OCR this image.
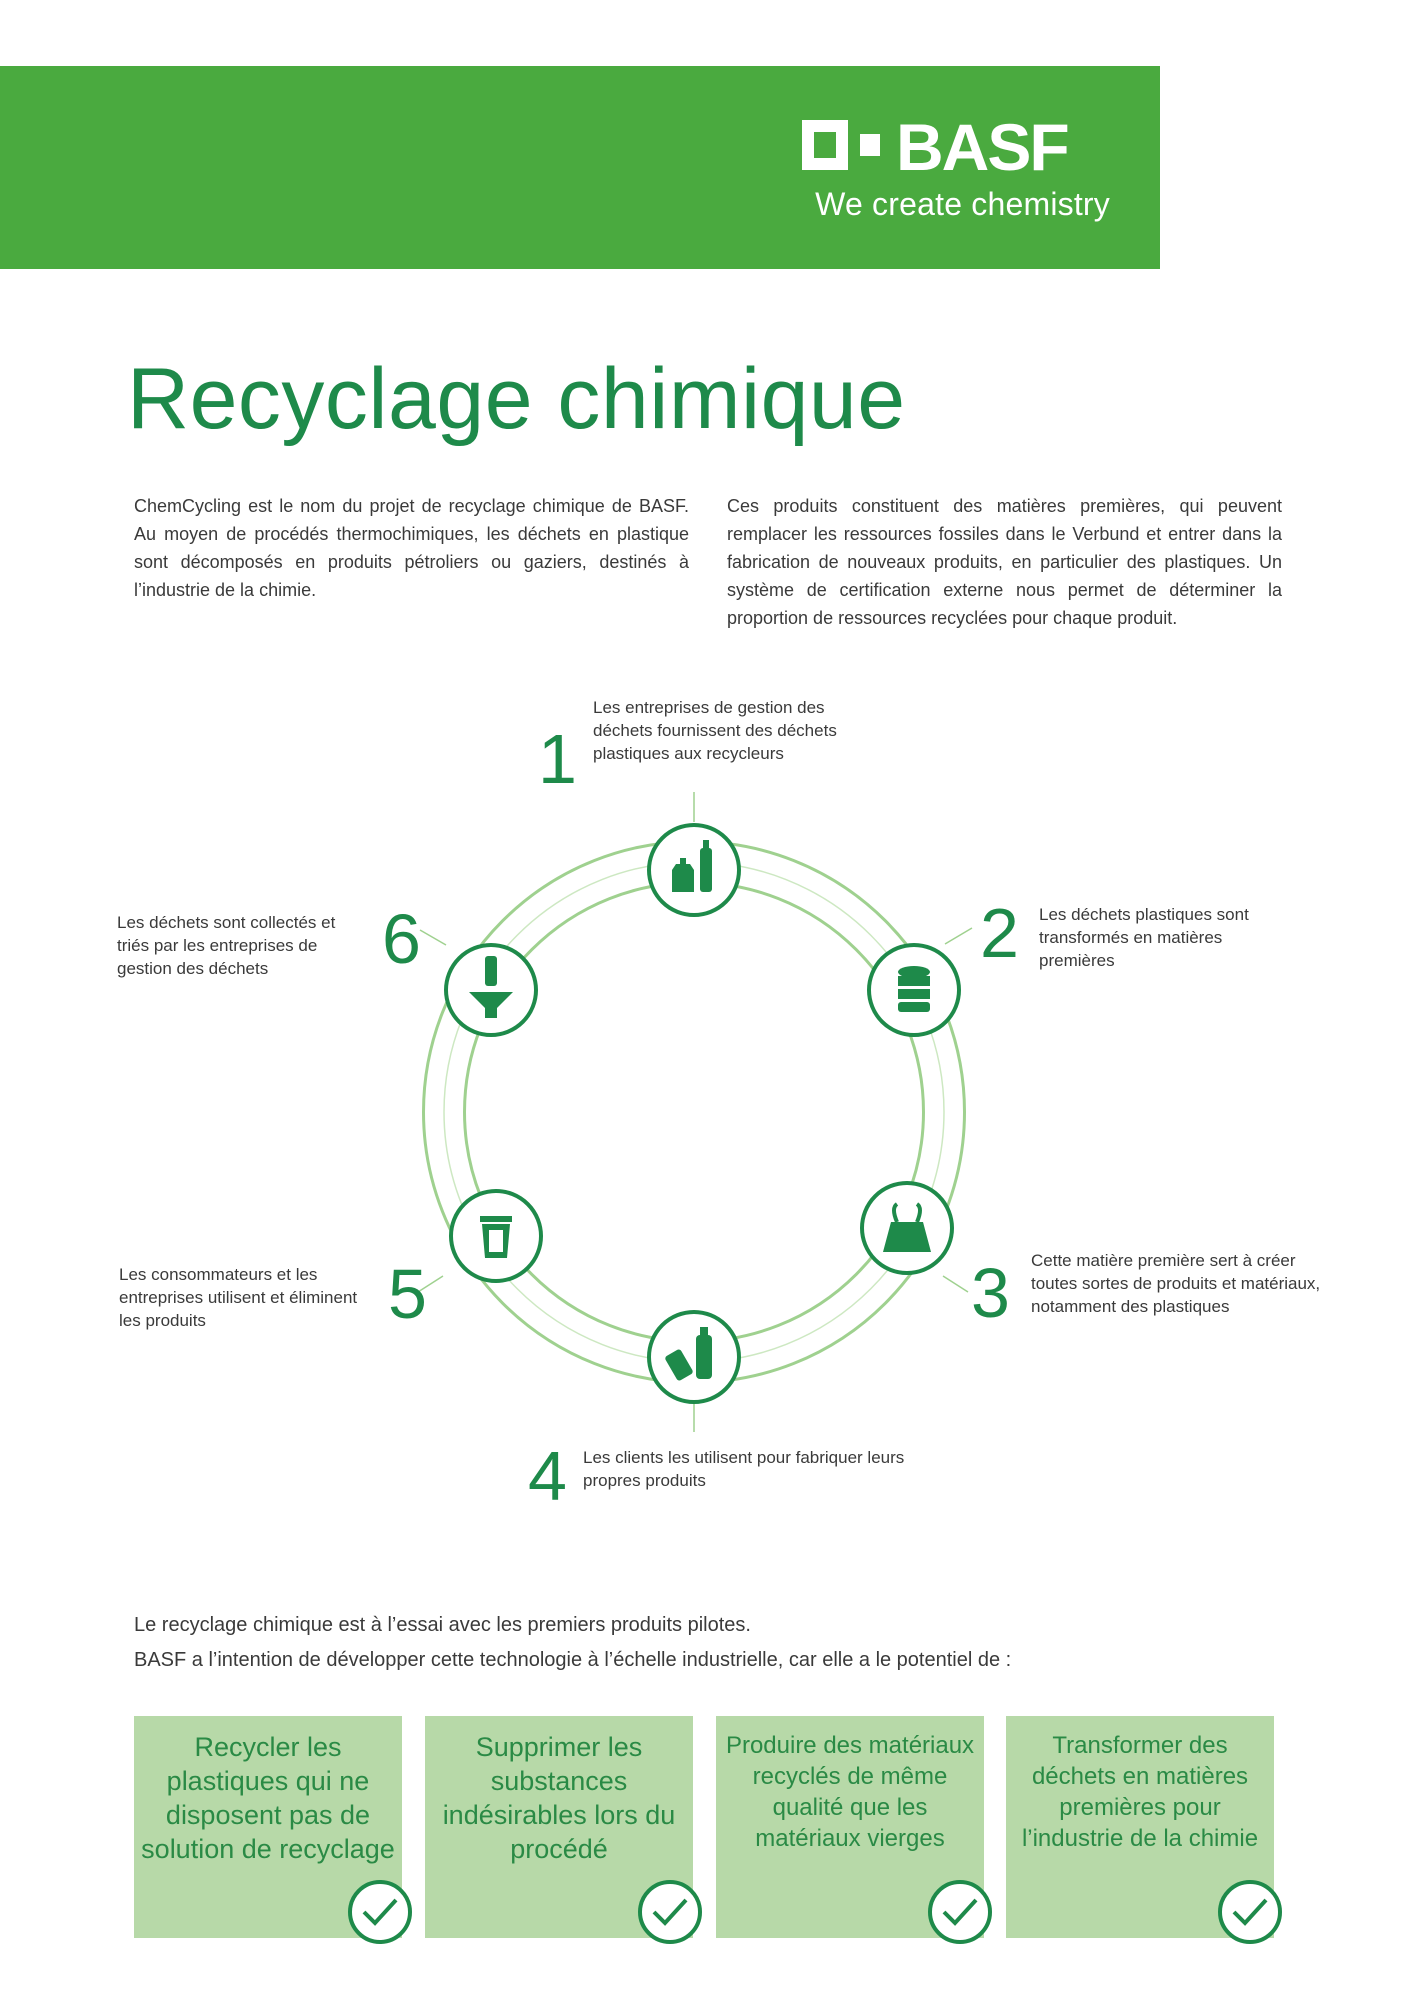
BASF
We create chemistry
Recyclage chimique

ChemCycling est le nom du projet de recyclage chimique de BASF. Au moyen de procédés thermochimiques, les déchets en plastique sont décomposés en produits pétroliers ou gaziers, destinés à l’industrie de la chimie.

Ces produits constituent des matières premières, qui peuvent remplacer les ressources fossiles dans le Verbund et entrer dans la fabrication de nouveaux produits, en particulier des plastiques. Un système de certification externe nous permet de déterminer la proportion de ressources recyclées pour chaque produit.

1

Les entreprises de gestion des déchets fournissent des déchets plastiques aux recycleurs

2 Les déchets plastiques sont transformés en matières premières

3 Cette matière première sert à créer toutes sortes de produits et matériaux, notamment des plastiques

4 Les clients les utilisent pour fabriquer leurs propres produits

5

Les consommateurs et les entreprises utilisent et éliminent les produits

6

Les déchets sont collectés et triés par les entreprises de gestion des déchets

Le recyclage chimique est à l’essai avec les premiers produits pilotes.

BASF a l’intention de développer cette technologie à l’échelle industrielle, car elle a le potentiel de :

Recycler les plastiques qui ne disposent pas de solution de recyclage

Supprimer les substances indésirables lors du procédé

Produire des matériaux recyclés de même qualité que les matériaux vierges

Transformer des déchets en matières premières pour l’industrie de la chimie
